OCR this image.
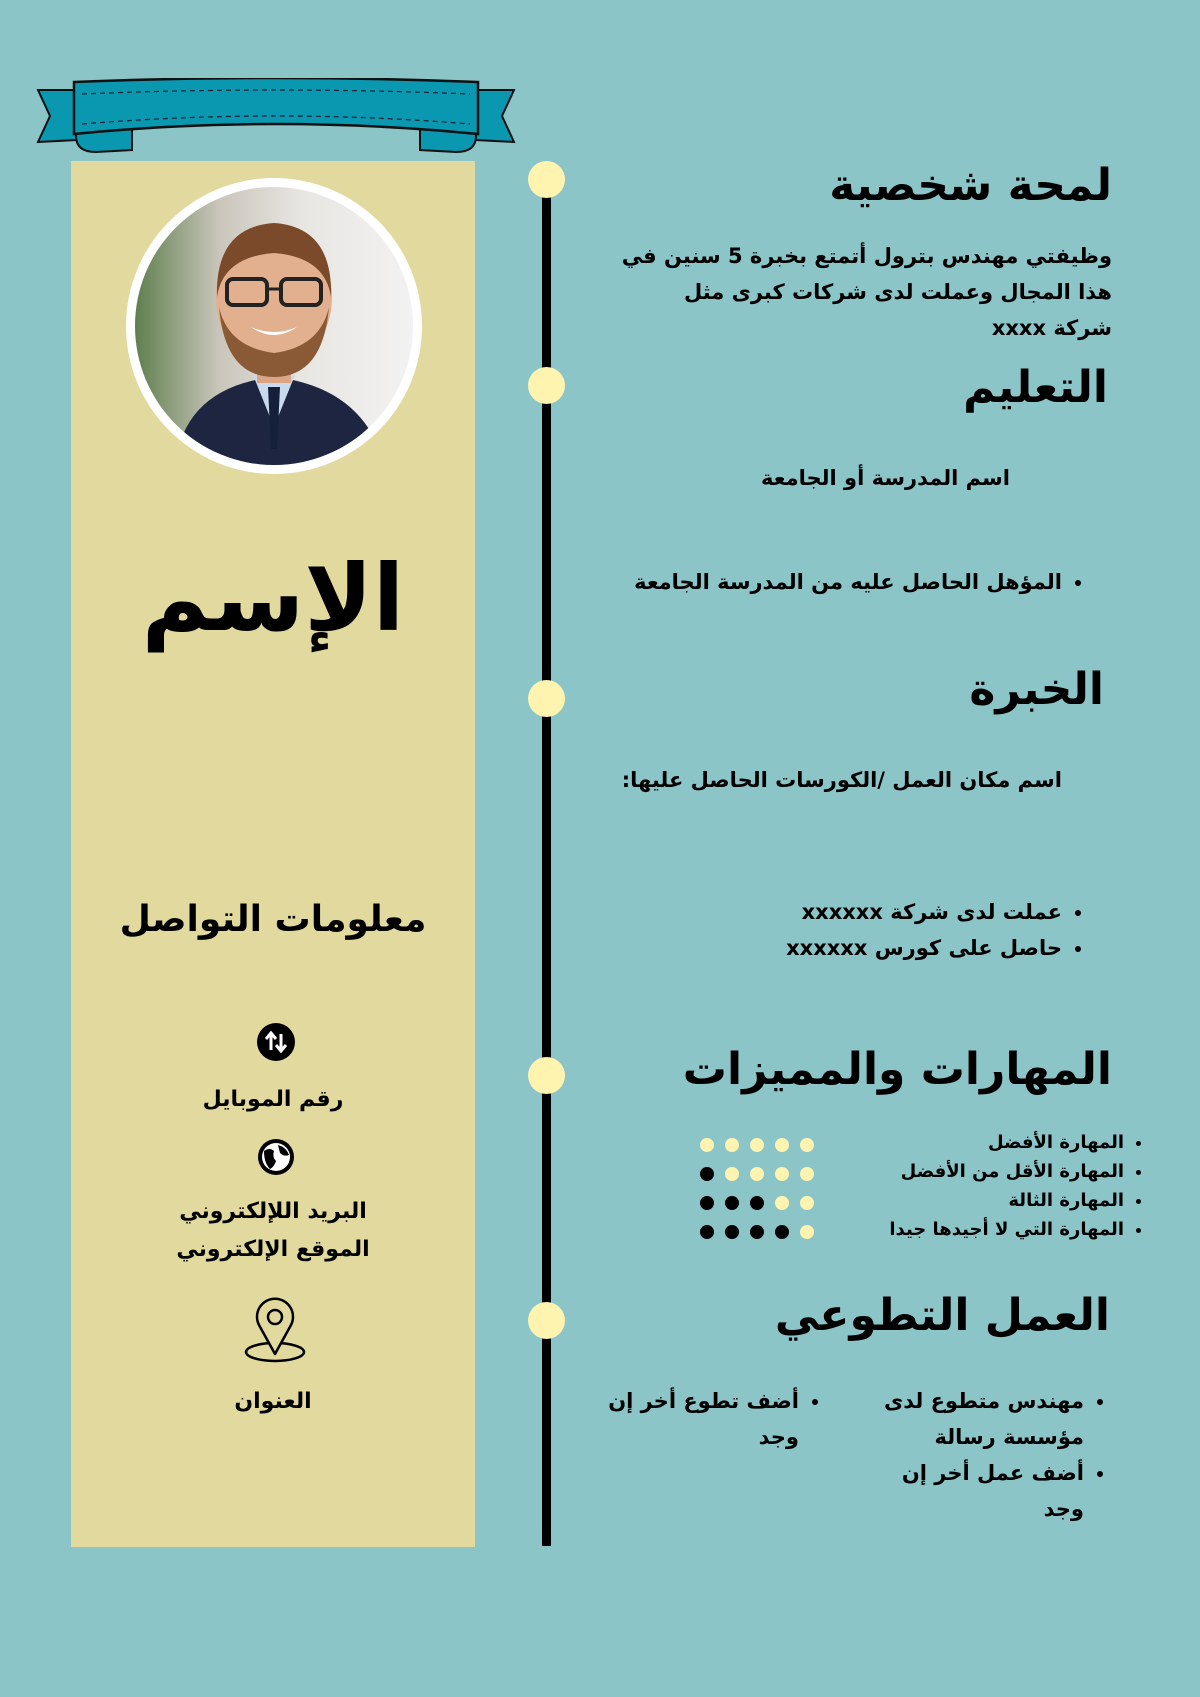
الإسم
معلومات التواصل
رقم الموبايل
البريد اللإلكتروني
الموقع الإلكتروني
العنوان
لمحة شخصية
وظيفتي مهندس بترول أتمتع بخبرة 5 سنين في
هذا المجال وعملت لدى شركات كبرى مثل
شركة xxxx
التعليم
اسم المدرسة أو الجامعة
• المؤهل الحاصل عليه من المدرسة الجامعة
الخبرة
اسم مكان العمل /الكورسات الحاصل عليها:
• عملت لدى شركة xxxxxx
• حاصل على كورس xxxxxx
المهارات والمميزات
• المهارة الأفضل
• المهارة الأقل من الأفضل
• المهارة الثالة
• المهارة التي لا أجيدها جيدا
العمل التطوعي
• مهندس متطوع لدى مؤسسة رسالة
• أضف عمل أخر إن وجد
• أضف تطوع أخر إن وجد
